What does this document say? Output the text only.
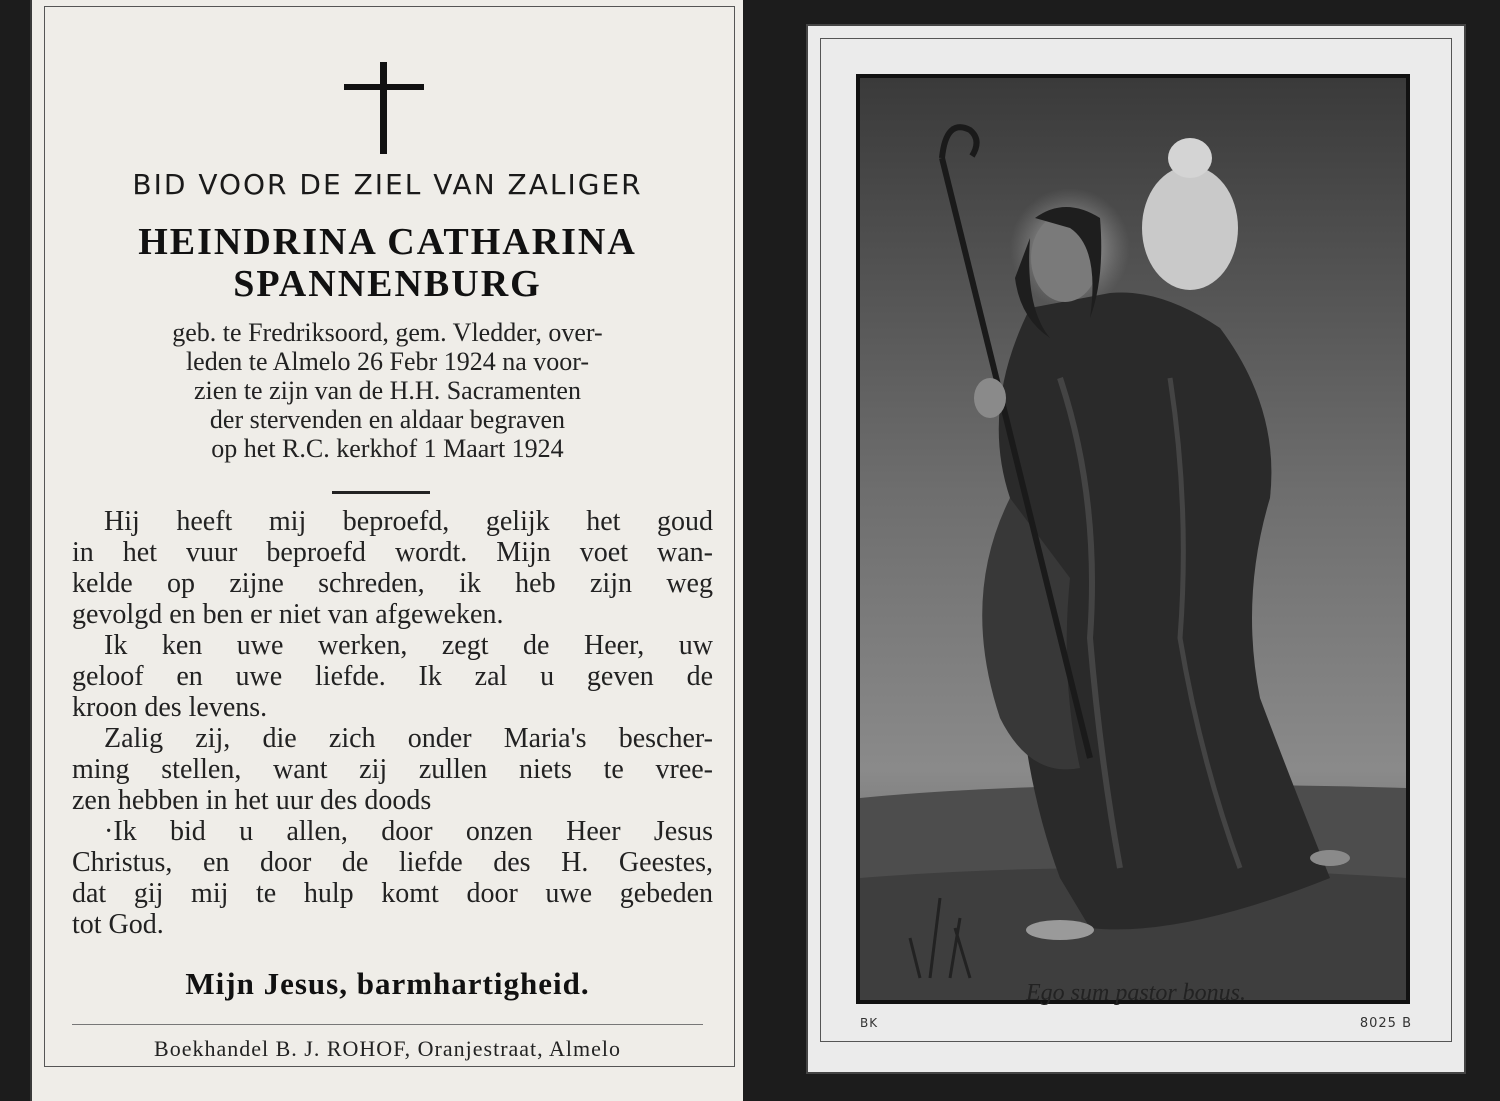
BID VOOR DE ZIEL VAN ZALIGER
HEINDRINA CATHARINA
SPANNENBURG
geb. te Fredriksoord, gem. Vledder, over-
leden te Almelo 26 Febr 1924 na voor-
zien te zijn van de H.H. Sacramenten
der stervenden en aldaar begraven
op het R.C. kerkhof 1 Maart 1924
Hij heeft mij beproefd, gelijk het goud
in het vuur beproefd wordt. Mijn voet wan-
kelde op zijne schreden, ik heb zijn weg
gevolgd en ben er niet van afgeweken.
Ik ken uwe werken, zegt de Heer, uw
geloof en uwe liefde. Ik zal u geven de
kroon des levens.
Zalig zij, die zich onder Maria's bescher-
ming stellen, want zij zullen niets te vree-
zen hebben in het uur des doods
·Ik bid u allen, door onzen Heer Jesus
Christus, en door de liefde des H. Geestes,
dat gij mij te hulp komt door uwe gebeden
tot God.
Mijn Jesus, barmhartigheid.
Boekhandel B. J. ROHOF, Oranjestraat, Almelo
Ego sum pastor bonus.
BK	8025 B
